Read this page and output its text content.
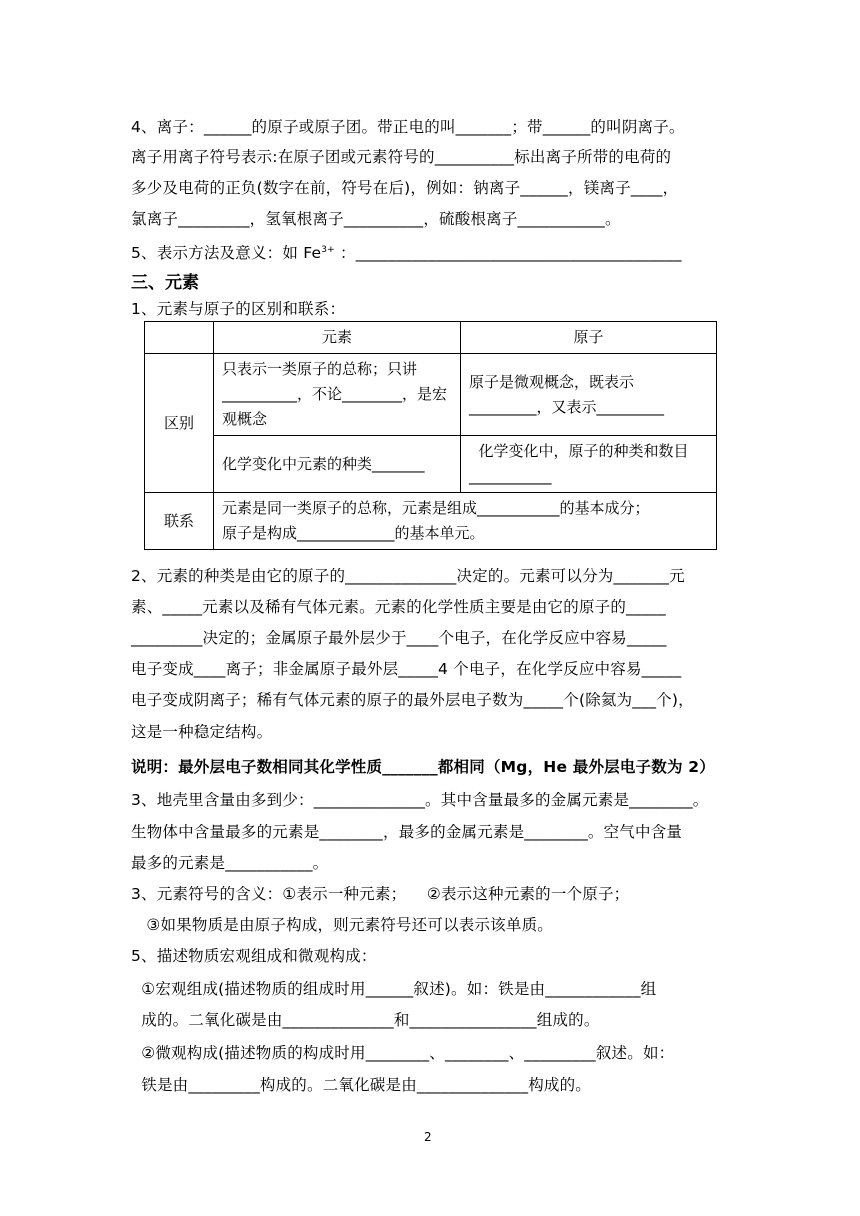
4、离子：______的原子或原子团。带正电的叫_______；带______的叫阴离子。
离子用离子符号表示:在原子团或元素符号的__________标出离子所带的电荷的
多少及电荷的正负(数字在前，符号在后)，例如：钠离子______，镁离子____，
氯离子_________，氢氧根离子__________，硫酸根离子___________。
5、表示方法及意义：如 $Fe^{3+}$ ：_________________________________________
三、元素
1、元素与原子的区别和联系：
	元素	原子
区别	只表示一类原子的总称；只讲__________，不论________，是宏观概念	原子是微观概念，既表示_________，又表示_________
	化学变化中元素的种类_______	化学变化中，原子的种类和数目___________
联系	元素是同一类原子的总称，元素是组成___________的基本成分；
原子是构成_____________的基本单元。	
2、元素的种类是由它的原子的______________决定的。元素可以分为_______元
素、_____元素以及稀有气体元素。元素的化学性质主要是由它的原子的_____
_________决定的；金属原子最外层少于____个电子，在化学反应中容易_____
电子变成____离子；非金属原子最外层_____4 个电子，在化学反应中容易_____
电子变成阴离子；稀有气体元素的原子的最外层电子数为_____个(除氦为___个)，
这是一种稳定结构。
说明：最外层电子数相同其化学性质_______都相同（Mg，He 最外层电子数为 2）
3、地壳里含量由多到少：______________。其中含量最多的金属元素是________。
生物体中含量最多的元素是________，最多的金属元素是________。空气中含量
最多的元素是___________。
3、元素符号的含义：①表示一种元素；    ②表示这种元素的一个原子；
③如果物质是由原子构成，则元素符号还可以表示该单质。
5、描述物质宏观组成和微观构成：
①宏观组成(描述物质的组成时用______叙述)。如：铁是由____________组
成的。二氧化碳是由______________和________________组成的。
②微观构成(描述物质的构成时用________、________、_________叙述。如：
铁是由_________构成的。二氧化碳是由______________构成的。
2
